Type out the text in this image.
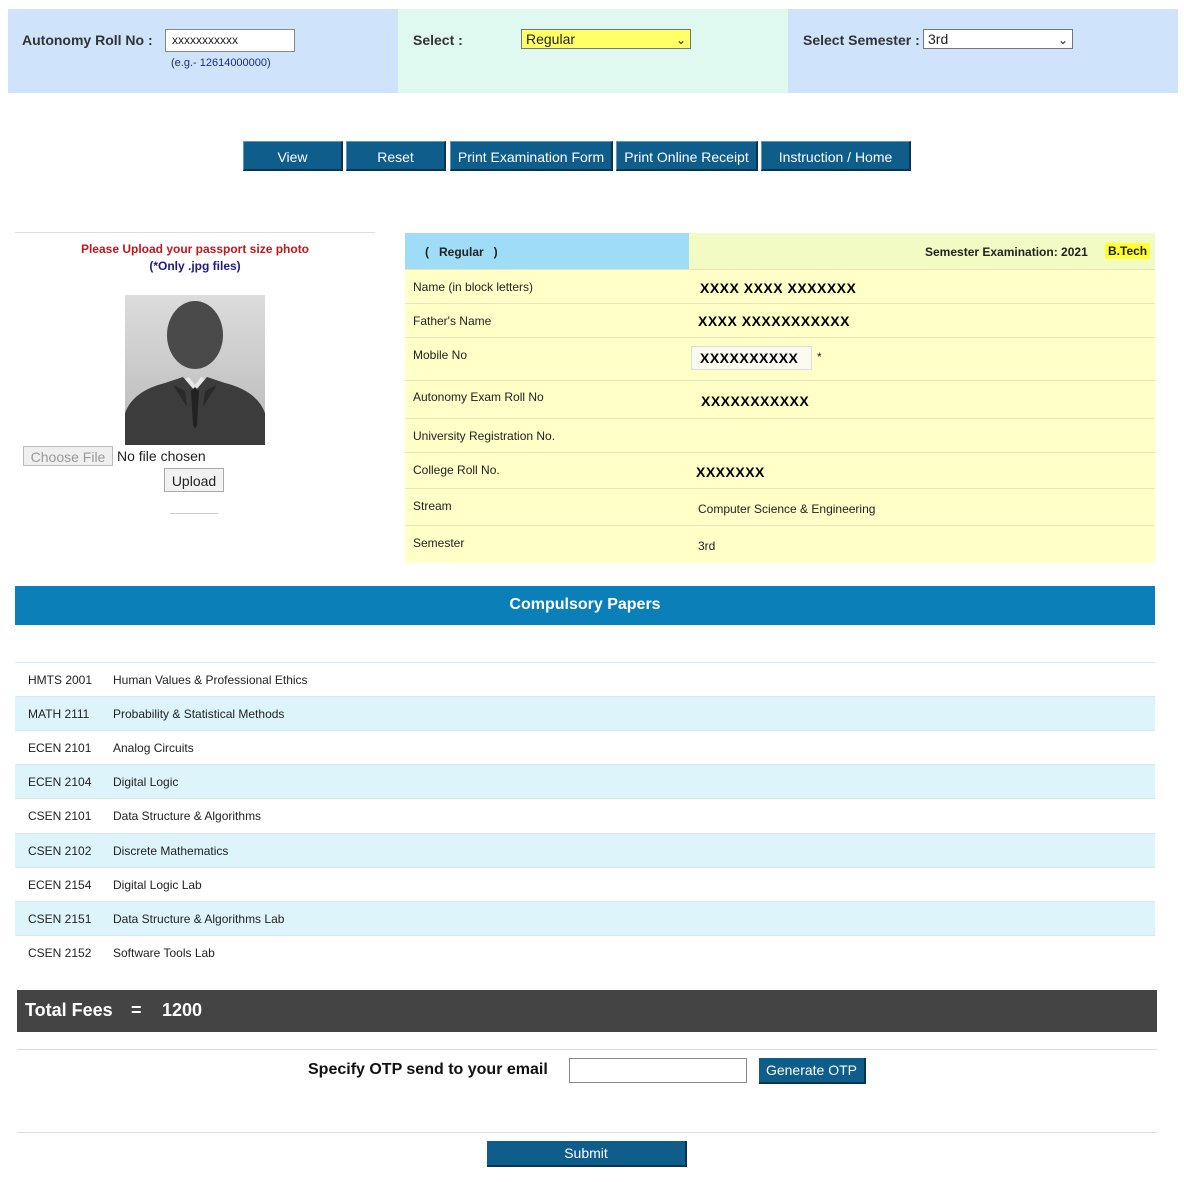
Autonomy Roll No :	xxxxxxxxxxx
(e.g.- 12614000000)
Select :	Regular	⌄	Select Semester : 3rd	⌄
View	Reset	Print Examination Form	Print Online Receipt	Instruction / Home
Please Upload your passport size photo
(*Only .jpg files)
Choose File No file chosen
Upload
(   Regular   )	Semester Examination: 2021 B.Tech
Name (in block letters)	XXXX XXXX XXXXXXX
Father's Name	XXXX XXXXXXXXXXX
Mobile No	XXXXXXXXXX *
Autonomy Exam Roll No	XXXXXXXXXXX
University Registration No.
College Roll No.	XXXXXXX
Stream	Computer Science & Engineering
Semester	3rd
Compulsory Papers
HMTS 2001 Human Values & Professional Ethics
MATH 2111 Probability & Statistical Methods
ECEN 2101 Analog Circuits
ECEN 2104 Digital Logic
CSEN 2101 Data Structure & Algorithms
CSEN 2102 Discrete Mathematics
ECEN 2154 Digital Logic Lab
CSEN 2151 Data Structure & Algorithms Lab
CSEN 2152 Software Tools Lab
Total Fees = 1200
Specify OTP send to your email	Generate OTP
Submit
